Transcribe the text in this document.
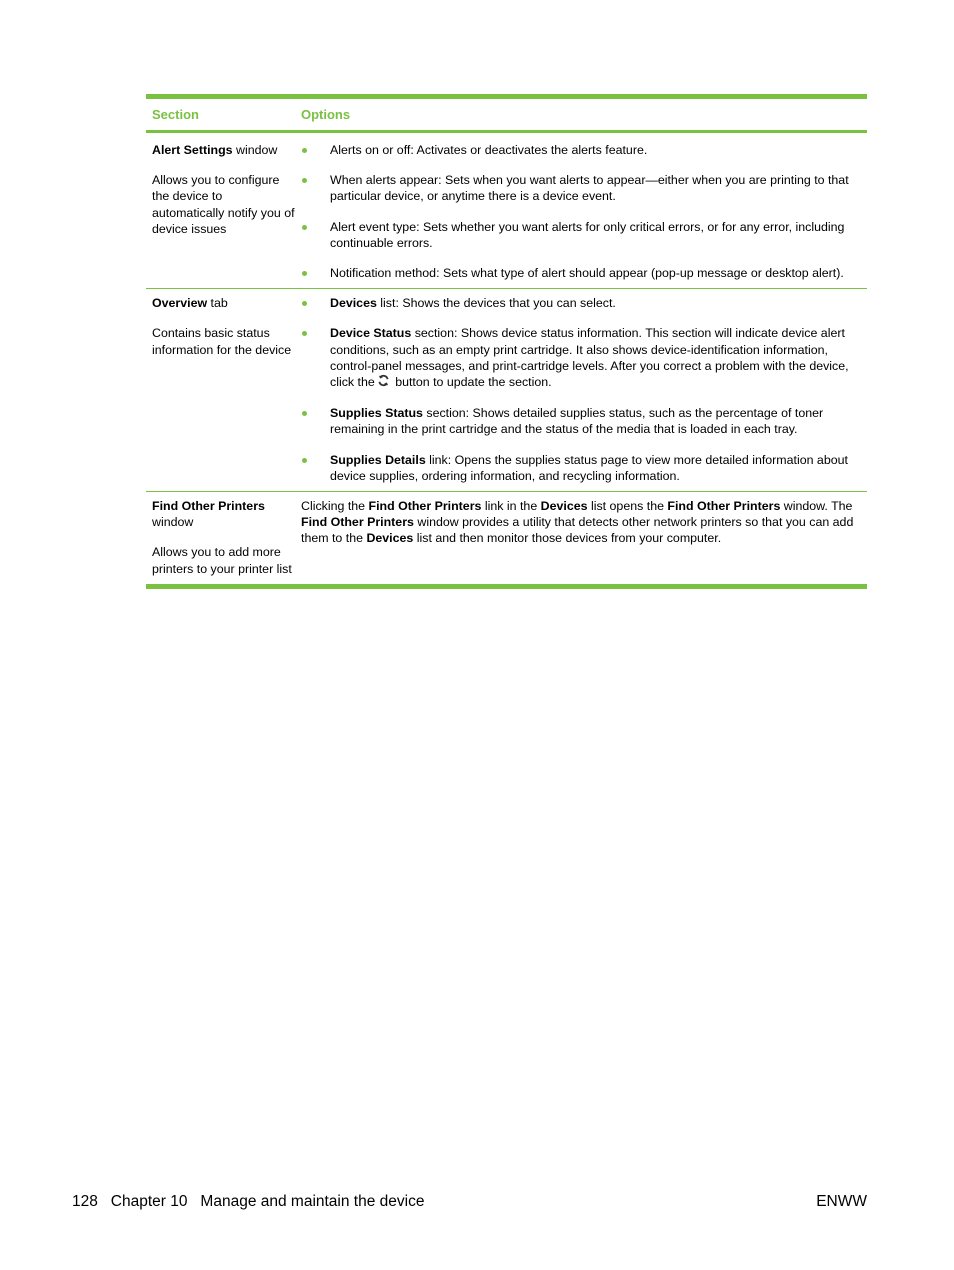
Section	Options

Alert Settings window

Allows you to configure the device to automatically notify you of device issues

Alerts on or off: Activates or deactivates the alerts feature.
When alerts appear: Sets when you want alerts to appear—either when you are printing to that particular device, or anytime there is a device event.
Alert event type: Sets whether you want alerts for only critical errors, or for any error, including continuable errors.
Notification method: Sets what type of alert should appear (pop-up message or desktop alert).

Overview tab

Contains basic status information for the device

Devices list: Shows the devices that you can select.
Device Status section: Shows device status information. This section will indicate device alert conditions, such as an empty print cartridge. It also shows device-identification information, control-panel messages, and print-cartridge levels. After you correct a problem with the device, click the button to update the section.
Supplies Status section: Shows detailed supplies status, such as the percentage of toner remaining in the print cartridge and the status of the media that is loaded in each tray.
Supplies Details link: Opens the supplies status page to view more detailed information about device supplies, ordering information, and recycling information.

Find Other Printers window

Allows you to add more printers to your printer list

Clicking the Find Other Printers link in the Devices list opens the Find Other Printers window. The Find Other Printers window provides a utility that detects other network printers so that you can add them to the Devices list and then monitor those devices from your computer.

128 Chapter 10 Manage and maintain the device	ENWW
